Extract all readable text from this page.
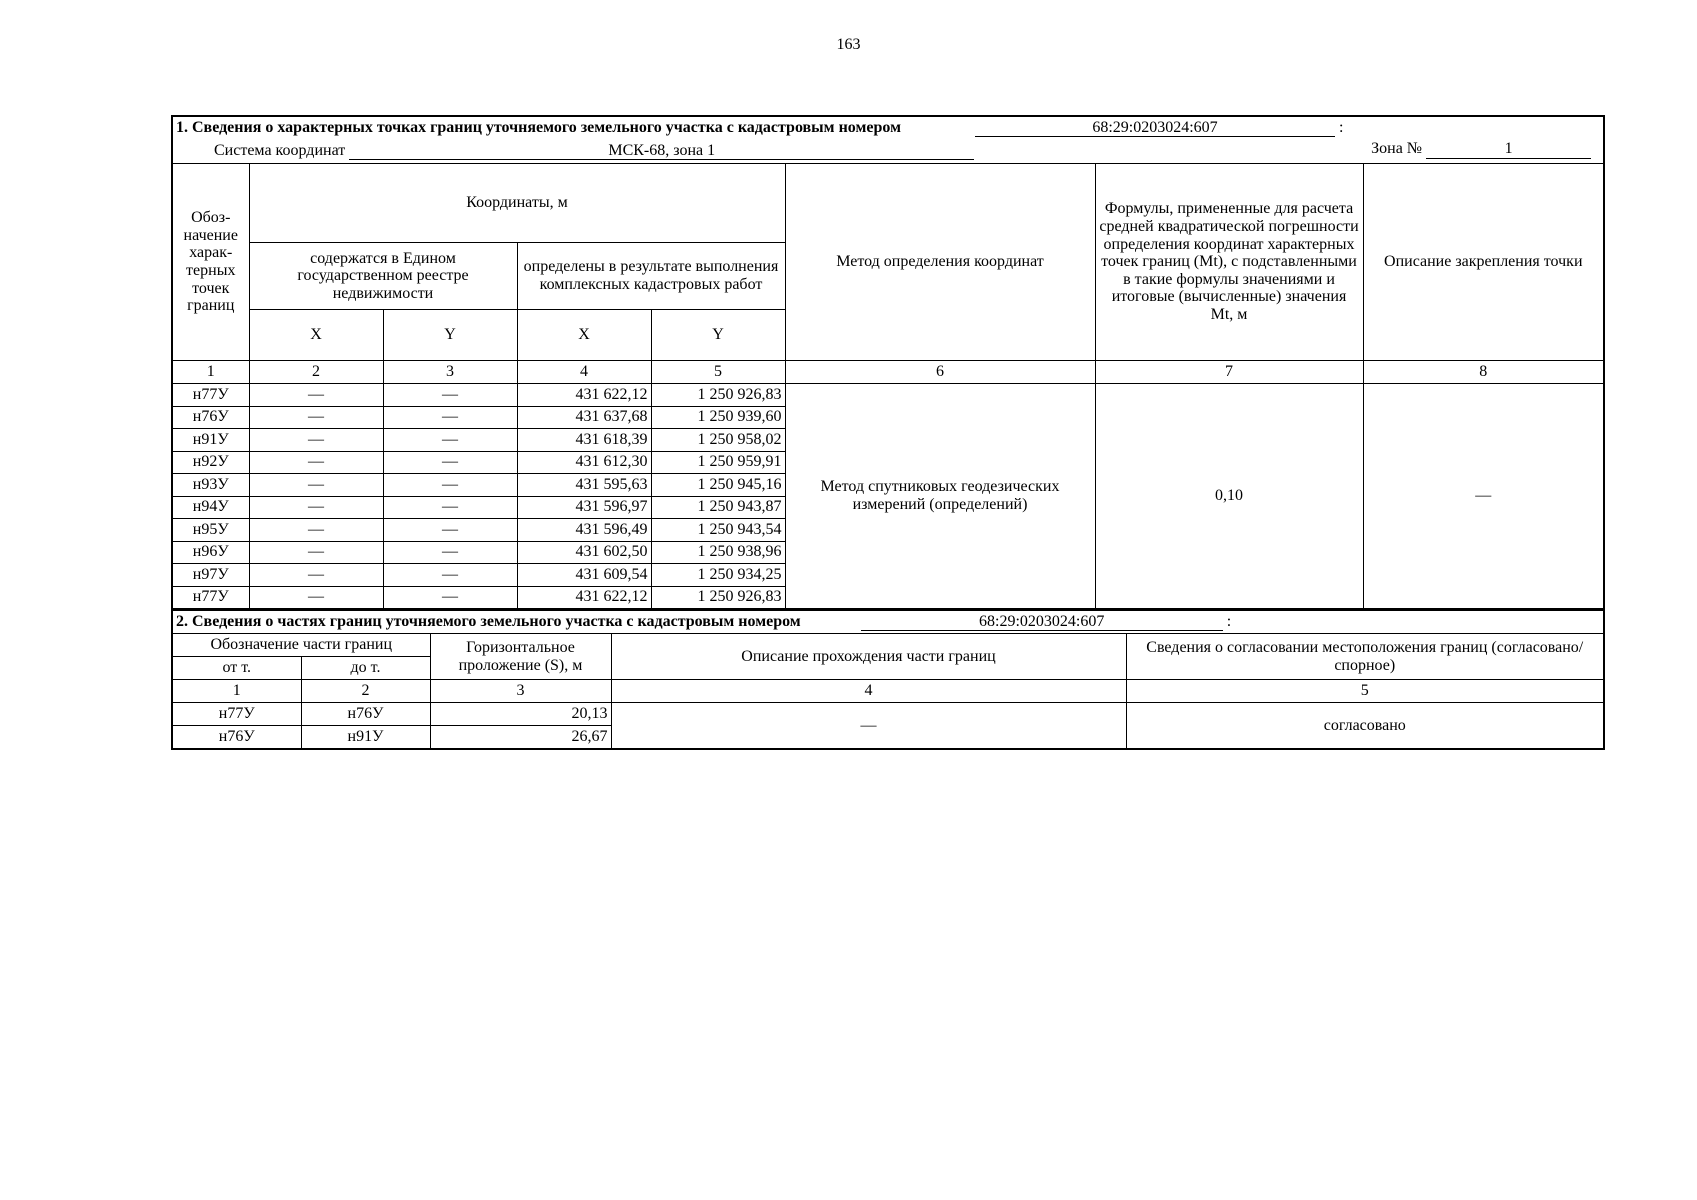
163
1. Сведения о характерных точках границ уточняемого земельного участка с кадастровым номером 68:29:0203024:607 :							
Система координат МСК-68, зона 1 Зона № 1							

Обоз-начение харак-терных точек границ	Координаты, м				Метод определения координат	Формулы, примененные для расчета средней квадратической погрешности определения координат характерных точек границ (Mt), с подставленными в такие формулы значениями и итоговые (вычисленные) значения Mt, м	Описание закрепления точки
	содержатся в Едином государственном реестре недвижимости		определены в результате выполнения комплексных кадастровых работ				
	X	Y	X	Y			
1	2	3	4	5	6	7	8
н77У	—	—	431 622,12	1 250 926,83	Метод спутниковых геодезических измерений (определений)	0,10	—
н76У	—	—	431 637,68	1 250 939,60			
н91У	—	—	431 618,39	1 250 958,02			
н92У	—	—	431 612,30	1 250 959,91			
н93У	—	—	431 595,63	1 250 945,16			
н94У	—	—	431 596,97	1 250 943,87			
н95У	—	—	431 596,49	1 250 943,54			
н96У	—	—	431 602,50	1 250 938,96			
н97У	—	—	431 609,54	1 250 934,25			
н77У	—	—	431 622,12	1 250 926,83			
2. Сведения о частях границ уточняемого земельного участка с кадастровым номером 68:29:0203024:607 :				
Обозначение части границ		Горизонтальное проложение (S), м	Описание прохождения части границ	Сведения о согласовании местоположения границ (согласовано/спорное)
от т.	до т.			
1	2	3	4	5
н77У	н76У	20,13	—	согласовано
н76У	н91У	26,67		
